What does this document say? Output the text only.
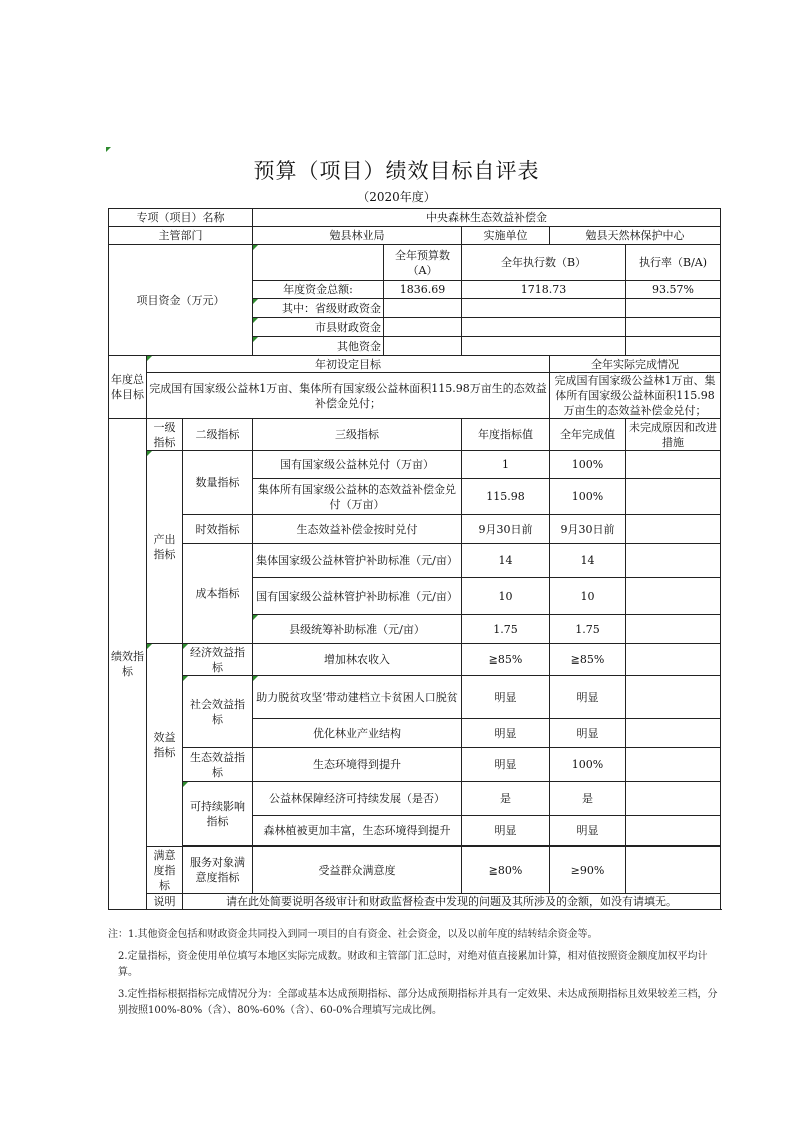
预算（项目）绩效目标自评表
（2020年度）
专项（项目）名称			中央森林生态效益补偿金				
主管部门			勉县林业局		实施单位	勉县天然林保护中心	
项目资金（万元）				全年预算数（A）	全年执行数（B）		执行率（B/A)
			年度资金总额:	1836.69	1718.73		93.57%
			其中：省级财政资金				
			市县财政资金				
			其他资金				
年度总体目标	年初设定目标					全年实际完成情况	
	完成国有国家级公益林1万亩、集体所有国家级公益林面积115.98万亩生的态效益补偿金兑付；					完成国有国家级公益林1万亩、集体所有国家级公益林面积115.98万亩生的态效益补偿金兑付；	
绩效指标	一级指标	二级指标	三级指标		年度指标值	全年完成值	未完成原因和改进措施
	产出指标	数量指标	国有国家级公益林兑付（万亩）		1	100%	
			集体所有国家级公益林的态效益补偿金兑付（万亩）		115.98	100%	
		时效指标	生态效益补偿金按时兑付		9月30日前	9月30日前	
		成本指标	集体国家级公益林管护补助标准（元/亩）		14	14	
			国有国家级公益林管护补助标准（元/亩）		10	10	
			县级统筹补助标准（元/亩）		1.75	1.75	
	效益指标	经济效益指标	增加林农收入		≧85%	≧85%	
		社会效益指标	助力脱贫攻坚‘带动建档立卡贫困人口脱贫		明显	明显	
			优化林业产业结构		明显	明显	
		生态效益指标	生态环境得到提升		明显	100%	
		可持续影响指标	公益林保障经济可持续发展（是否）		是	是	
			森林植被更加丰富，生态环境得到提升		明显	明显	

	满意度指标	服务对象满意度指标	受益群众满意度		≧80%	≥90%	
	说明	请在此处简要说明各级审计和财政监督检查中发现的问题及其所涉及的金额，如没有请填无。					

注：1.其他资金包括和财政资金共同投入到同一项目的自有资金、社会资金，以及以前年度的结转结余资金等。

2.定量指标，资金使用单位填写本地区实际完成数。财政和主管部门汇总时，对绝对值直接累加计算，相对值按照资金额度加权平均计算。

3.定性指标根据指标完成情况分为：全部或基本达成预期指标、部分达成预期指标并具有一定效果、未达成预期指标且效果较差三档，分别按照100%-80%（含）、80%-60%（含）、60-0%合理填写完成比例。
